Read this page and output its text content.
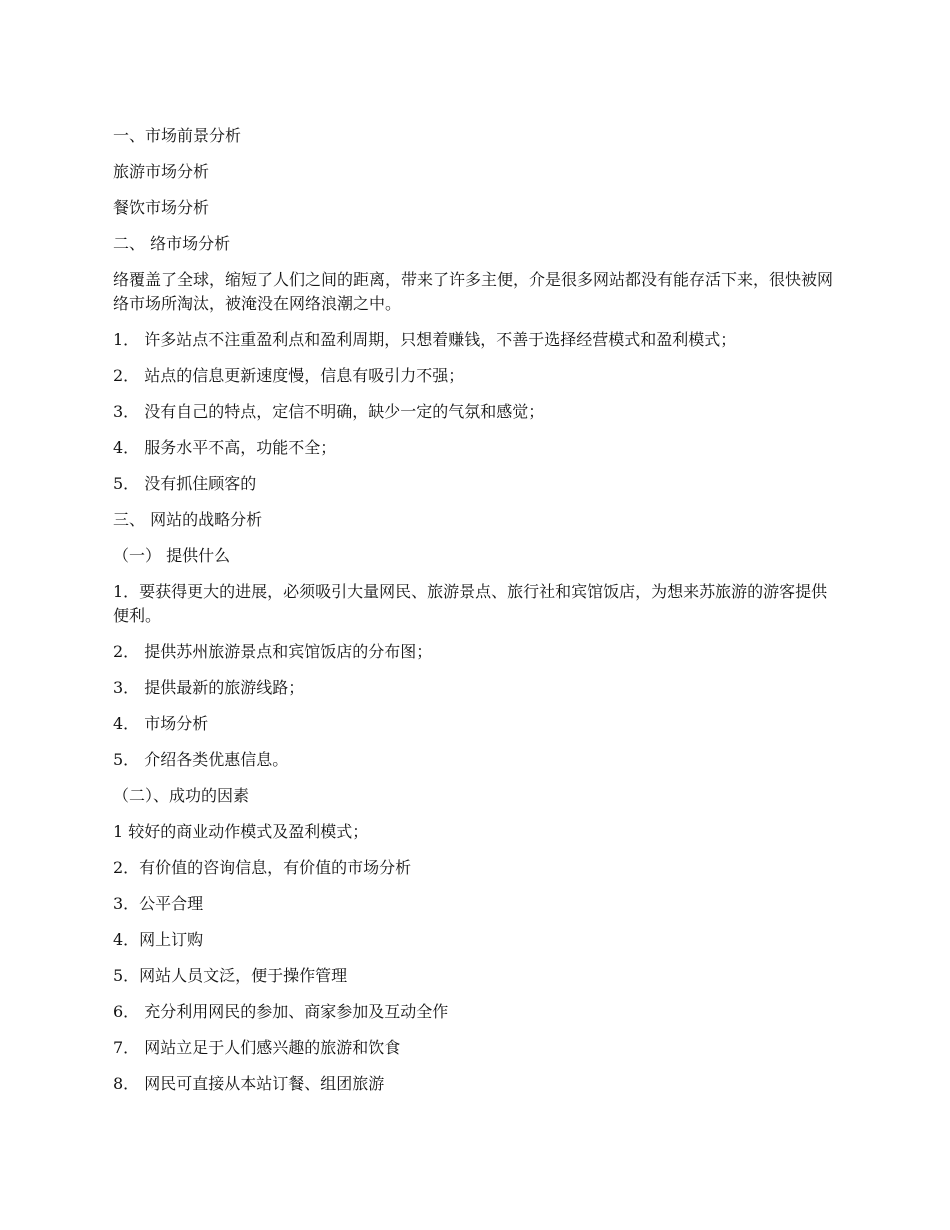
一、市场前景分析
旅游市场分析
餐饮市场分析
二、 络市场分析
络覆盖了全球，缩短了人们之间的距离，带来了许多主便，介是很多网站都没有能存活下来，很快被网络市场所淘汰，被淹没在网络浪潮之中。
1． 许多站点不注重盈利点和盈利周期，只想着赚钱，不善于选择经营模式和盈利模式；
2． 站点的信息更新速度慢，信息有吸引力不强；
3． 没有自己的特点，定信不明确，缺少一定的气氛和感觉；
4． 服务水平不高，功能不全；
5． 没有抓住顾客的
三、 网站的战略分析
（一） 提供什么
1．要获得更大的进展，必须吸引大量网民、旅游景点、旅行社和宾馆饭店，为想来苏旅游的游客提供便利。
2． 提供苏州旅游景点和宾馆饭店的分布图；
3． 提供最新的旅游线路；
4． 市场分析
5． 介绍各类优惠信息。
（二）、成功的因素
1 较好的商业动作模式及盈利模式；
2．有价值的咨询信息，有价值的市场分析
3．公平合理
4．网上订购
5．网站人员文泛，便于操作管理
6． 充分利用网民的参加、商家参加及互动全作
7． 网站立足于人们感兴趣的旅游和饮食
8． 网民可直接从本站订餐、组团旅游
